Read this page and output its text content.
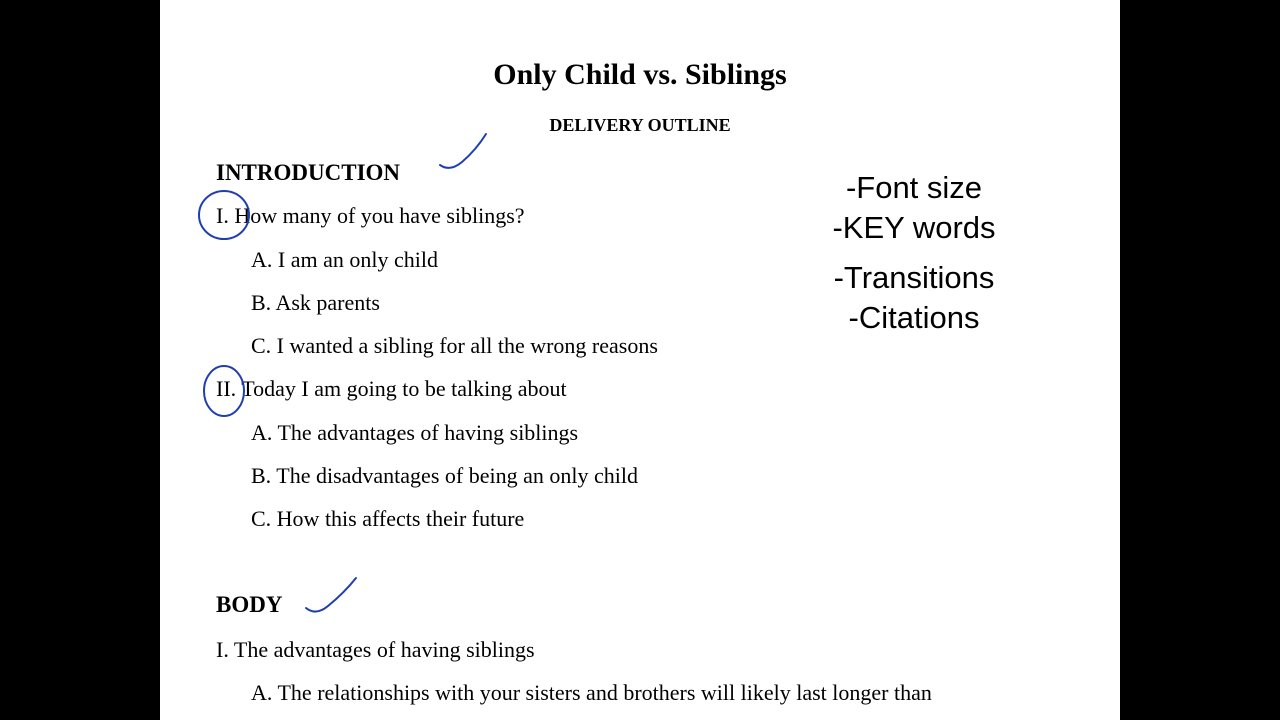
Only Child vs. Siblings
DELIVERY OUTLINE
INTRODUCTION
I. How many of you have siblings?
A. I am an only child
B. Ask parents
C. I wanted a sibling for all the wrong reasons
II. Today I am going to be talking about
A. The advantages of having siblings
B. The disadvantages of being an only child
C. How this affects their future
BODY
I. The advantages of having siblings
A. The relationships with your sisters and brothers will likely last longer than
-Font size
-KEY words
-Transitions
-Citations
